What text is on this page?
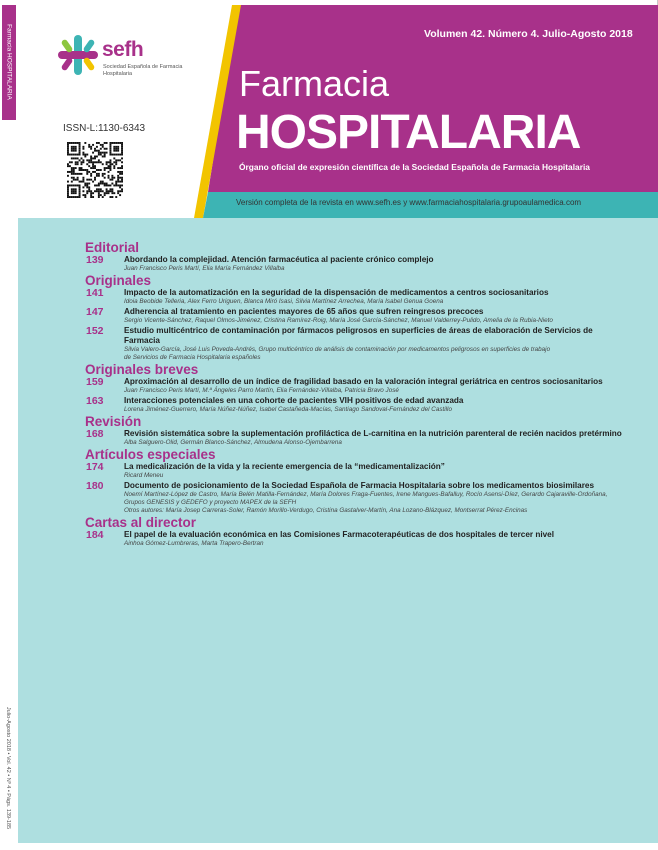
Farmacia HOSPITALARIA
Julio-Agosto 2018 • Vol. 42 • Nº 4 • Págs. 139-185
sefh
Sociedad Española de Farmacia Hospitalaria
ISSN-L:1130-6343
Volumen 42. Número 4. Julio-Agosto 2018
Farmacia
HOSPITALARIA
Órgano oficial de expresión científica de la Sociedad Española de Farmacia Hospitalaria
Versión completa de la revista en www.sefh.es y www.farmaciahospitalaria.grupoaulamedica.com
Editorial
139 Abordando la complejidad. Atención farmacéutica al paciente crónico complejo
Juan Francisco Peris Martí, Elia María Fernández Villalba
Originales
141 Impacto de la automatización en la seguridad de la dispensación de medicamentos a centros sociosanitarios
Idoia Beobide Telleria, Alex Ferro Uriguen, Blanca Miró Isasi, Silvia Martínez Arrechea, María Isabel Genua Goena
147 Adherencia al tratamiento en pacientes mayores de 65 años que sufren reingresos precoces
Sergio Vicente-Sánchez, Raquel Olmos-Jiménez, Cristina Ramírez-Roig, María José García-Sánchez, Manuel Valderrey-Pulido, Amelia de la Rubia-Nieto
152 Estudio multicéntrico de contaminación por fármacos peligrosos en superficies de áreas de elaboración de Servicios de Farmacia
Silvia Valero-García, José Luis Poveda-Andrés, Grupo multicéntrico de análisis de contaminación por medicamentos peligrosos en superficies de trabajo
de Servicios de Farmacia Hospitalaria españoles
Originales breves
159 Aproximación al desarrollo de un índice de fragilidad basado en la valoración integral geriátrica en centros sociosanitarios
Juan Francisco Peris Martí, M.ª Ángeles Parro Martín, Elia Fernández-Villalba, Patricia Bravo José
163 Interacciones potenciales en una cohorte de pacientes VIH positivos de edad avanzada
Lorena Jiménez-Guerrero, María Núñez-Núñez, Isabel Castañeda-Macías, Santiago Sandoval-Fernández del Castillo
Revisión
168 Revisión sistemática sobre la suplementación profiláctica de L-carnitina en la nutrición parenteral de recién nacidos pretérmino
Alba Salguero-Olid, Germán Blanco-Sánchez, Almudena Alonso-Ojembarrena
Artículos especiales
174 La medicalización de la vida y la reciente emergencia de la “medicamentalización”
Ricard Meneu
180 Documento de posicionamiento de la Sociedad Española de Farmacia Hospitalaria sobre los medicamentos biosimilares
Noemí Martínez-López de Castro, María Belén Matilla-Fernández, María Dolores Fraga-Fuentes, Irene Mangues-Bafalluy, Rocío Asensi-Díez, Gerardo Cajaraville-Ordoñana,
Grupos GENESIS y GEDEFO y proyecto MAPEX de la SEFH
Otros autores: María Josep Carreras-Soler, Ramón Morillo-Verdugo, Cristina Gastalver-Martín, Ana Lozano-Blázquez, Montserrat Pérez-Encinas
Cartas al director
184 El papel de la evaluación económica en las Comisiones Farmacoterapéuticas de dos hospitales de tercer nivel
Ainhoa Gómez-Lumbreras, Marta Trapero-Bertran
